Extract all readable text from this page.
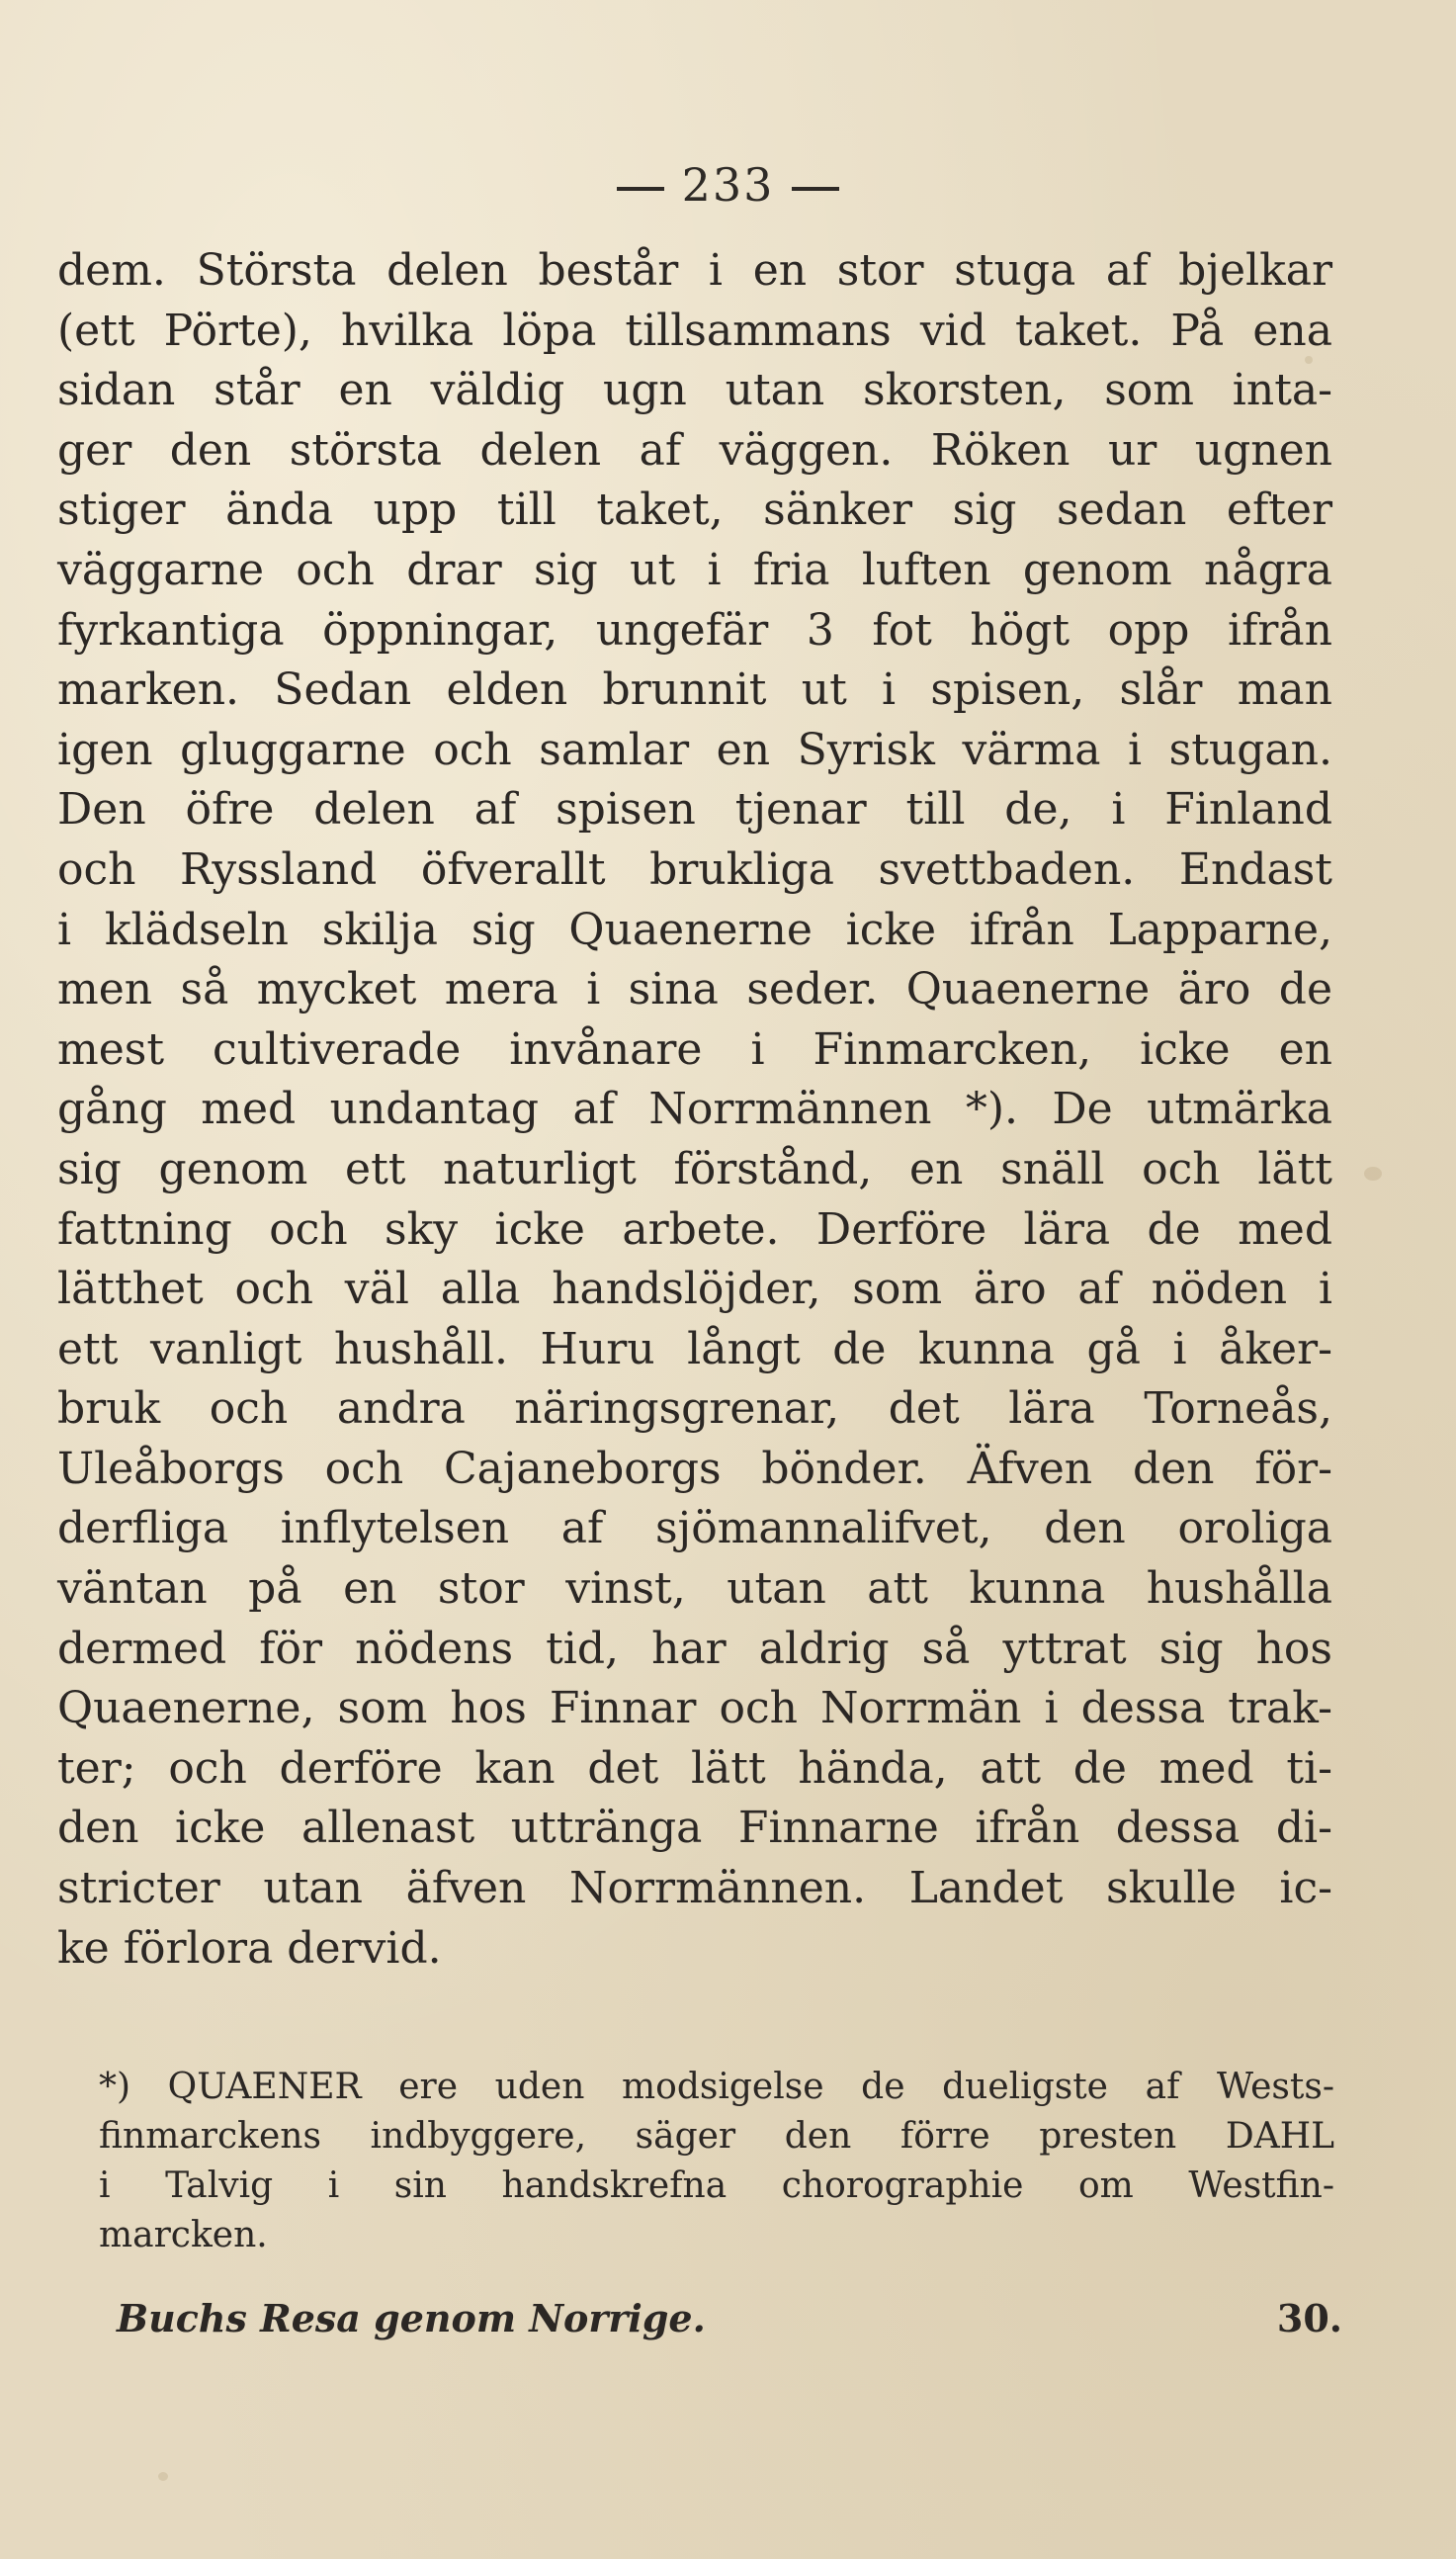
233
dem. Största delen består i en stor stuga af bjelkar
(ett Pörte), hvilka löpa tillsammans vid taket. På ena
sidan står en väldig ugn utan skorsten, som inta-
ger den största delen af väggen. Röken ur ugnen
stiger ända upp till taket, sänker sig sedan efter
väggarne och drar sig ut i fria luften genom några
fyrkantiga öppningar, ungefär 3 fot högt opp ifrån
marken. Sedan elden brunnit ut i spisen, slår man
igen gluggarne och samlar en Syrisk värma i stugan.
Den öfre delen af spisen tjenar till de, i Finland
och Ryssland öfverallt brukliga svettbaden. Endast
i klädseln skilja sig Quaenerne icke ifrån Lapparne,
men så mycket mera i sina seder. Quaenerne äro de
mest cultiverade invånare i Finmarcken, icke en
gång med undantag af Norrmännen *). De utmärka
sig genom ett naturligt förstånd, en snäll och lätt
fattning och sky icke arbete. Derföre lära de med
lätthet och väl alla handslöjder, som äro af nöden i
ett vanligt hushåll. Huru långt de kunna gå i åker-
bruk och andra näringsgrenar, det lära Torneås,
Uleåborgs och Cajaneborgs bönder. Äfven den för-
derfliga inflytelsen af sjömannalifvet, den oroliga
väntan på en stor vinst, utan att kunna hushålla
dermed för nödens tid, har aldrig så yttrat sig hos
Quaenerne, som hos Finnar och Norrmän i dessa trak-
ter; och derföre kan det lätt hända, att de med ti-
den icke allenast uttränga Finnarne ifrån dessa di-
stricter utan äfven Norrmännen. Landet skulle ic-
ke förlora dervid.
*) QUAENER ere uden modsigelse de dueligste af Wests-
finmarckens indbyggere, säger den förre presten DAHL
i Talvig i sin handskrefna chorographie om Westfin-
marcken.
Buchs Resa genom Norrige.	30.
